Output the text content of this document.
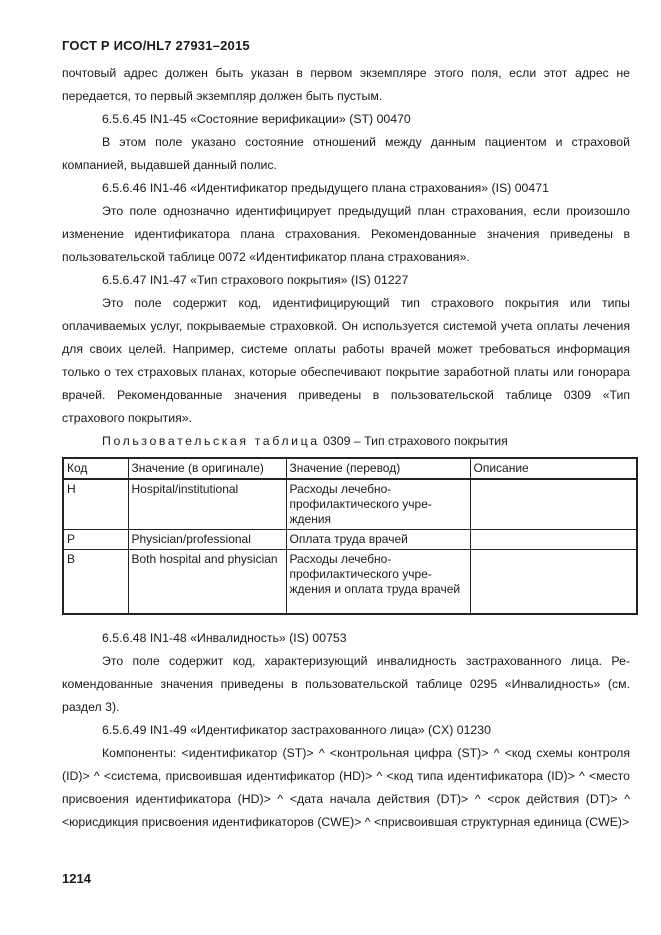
ГОСТ Р ИСО/HL7 27931–2015

почтовый адрес должен быть указан в первом экземпляре этого поля, если этот адрес не передается, то первый экземпляр должен быть пустым.

6.5.6.45 IN1-45 «Состояние верификации» (ST) 00470

В этом поле указано состояние отношений между данным пациентом и страховой компанией, выдавшей данный полис.

6.5.6.46 IN1-46 «Идентификатор предыдущего плана страхования» (IS) 00471

Это поле однозначно идентифицирует предыдущий план страхования, если произошло изменение идентификатора плана страхования. Рекомендованные значения приведены в пользовательской таблице 0072 «Идентификатор плана страхования».

6.5.6.47 IN1-47 «Тип страхового покрытия» (IS) 01227

Это поле содержит код, идентифицирующий тип страхового покрытия или типы оплачиваемых услуг, покрываемые страховкой. Он используется системой учета оплаты лечения для своих целей. Например, системе оплаты работы врачей может требоваться информация только о тех страховых планах, которые обеспечивают покрытие заработной платы или гонорара врачей. Рекомендованные значения приведены в пользовательской таблице 0309 «Тип страхового покрытия».

Пользовательская таблица 0309 – Тип страхового покрытия

Код	Значение (в оригинале)	Значение (перевод)	Описание
H	Hospital/institutional	Расходы лечебно-профилактического учреждения	
P	Physician/professional	Оплата труда врачей	
B	Both hospital and physician	Расходы лечебно-профилактического учреждения и оплата труда врачей	

6.5.6.48 IN1-48 «Инвалидность» (IS) 00753

Это поле содержит код, характеризующий инвалидность застрахованного лица. Рекомендованные значения приведены в пользовательской таблице 0295 «Инвалидность» (см. раздел 3).

6.5.6.49 IN1-49 «Идентификатор застрахованного лица» (CX) 01230

Компоненты: <идентификатор (ST)> ^ <контрольная цифра (ST)> ^ <код схемы контроля (ID)> ^ <система, присвоившая идентификатор (HD)> ^ <код типа идентификатора (ID)> ^ <место присвоения идентификатора (HD)> ^ <дата начала действия (DT)> ^ <срок действия (DT)> ^ <юрисдикция присвоения идентификаторов (CWE)> ^ <присвоившая структурная единица (CWE)>

1214
